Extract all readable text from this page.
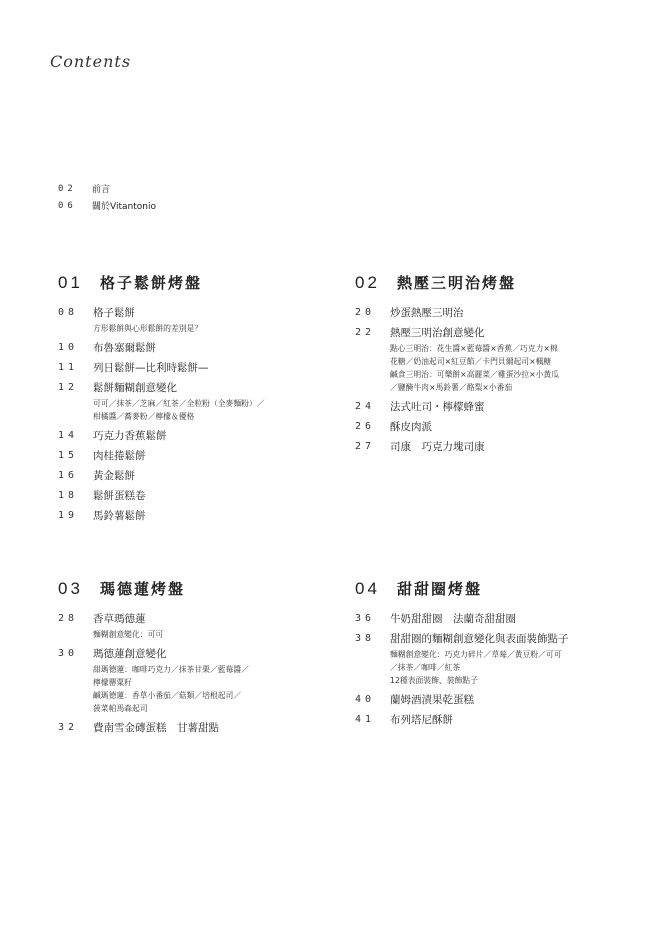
Contents
02	前言
06	關於Vitantonio
01	格子鬆餅烤盤
08	格子鬆餅
方形鬆餅與心形鬆餅的差別是？
10	布魯塞爾鬆餅
11	列日鬆餅—比利時鬆餅—
12	鬆餅麵糊創意變化
可可／抹茶／芝麻／紅茶／全粒粉（全麥麵粉）／
柑橘醬／蕎麥粉／檸檬＆優格
14	巧克力香蕉鬆餅
15	肉桂捲鬆餅
16	黃金鬆餅
18	鬆餅蛋糕卷
19	馬鈴薯鬆餅
02	熱壓三明治烤盤
20	炒蛋熱壓三明治
22	熱壓三明治創意變化
點心三明治：花生醬×藍莓醬×香蕉／巧克力×棉
花糖／奶油起司×紅豆餡／卡門貝爾起司×楓糖
鹹食三明治：可樂餅×高麗菜／雞蛋沙拉×小黃瓜
／鹽醃牛肉×馬鈴薯／酪梨×小番茄
24	法式吐司・檸檬蜂蜜
26	酥皮肉派
27	司康　巧克力塊司康
03	瑪德蓮烤盤
28	香草瑪德蓮
麵糊創意變化：可可
30	瑪德蓮創意變化
甜瑪德蓮：咖啡巧克力／抹茶甘栗／藍莓醬／
檸檬罌粟籽
鹹瑪德蓮：香草小番茄／菇類／培根起司／
菠菜帕馬森起司
32	費南雪金磚蛋糕　甘薯甜點
04	甜甜圈烤盤
36	牛奶甜甜圈　法蘭奇甜甜圈
38	甜甜圈的麵糊創意變化與表面裝飾點子
麵糊創意變化：巧克力碎片／草莓／黃豆粉／可可
／抹茶／咖啡／紅茶
12種表面裝飾、裝飾點子
40	蘭姆酒漬果乾蛋糕
41	布列塔尼酥餅
